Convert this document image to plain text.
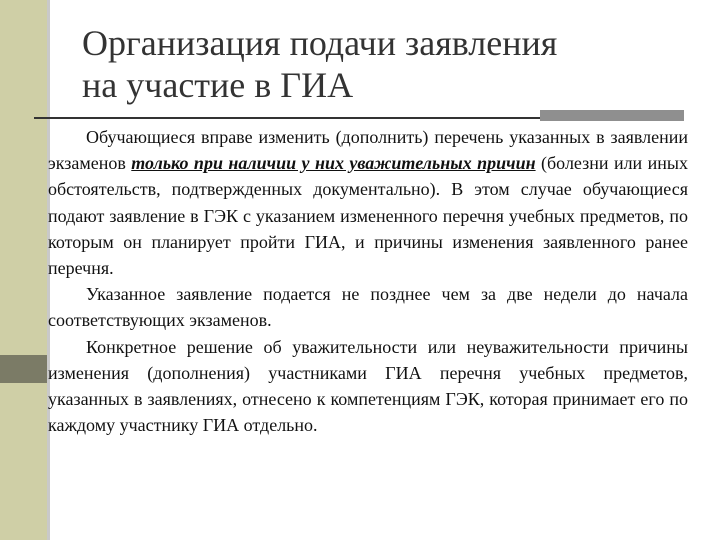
Организация подачи заявления
на участие в ГИА

Обучающиеся вправе изменить (дополнить) перечень указанных в заявлении экзаменов только при наличии у них уважительных причин (болезни или иных обстоятельств, подтвержденных документально). В этом случае обучающиеся подают заявление в ГЭК с указанием измененного перечня учебных предметов, по которым он планирует пройти ГИА, и причины изменения заявленного ранее перечня.

Указанное заявление подается не позднее чем за две недели до начала соответствующих экзаменов.

Конкретное решение об уважительности или неуважительности причины изменения (дополнения) участниками ГИА перечня учебных предметов, указанных в заявлениях, отнесено к компетенциям ГЭК, которая принимает его по каждому участнику ГИА отдельно.
